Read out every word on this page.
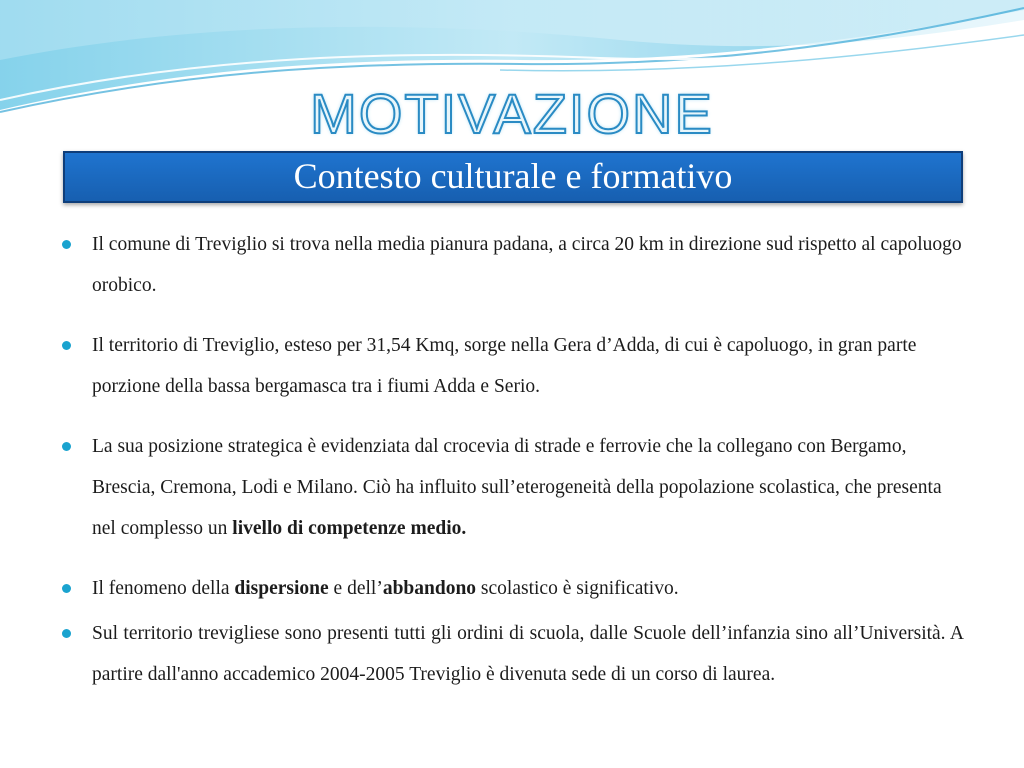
MOTIVAZIONE
Contesto culturale e formativo
Il comune di Treviglio si trova nella media pianura padana, a circa 20 km in direzione sud rispetto al capoluogo orobico.
Il territorio di Treviglio, esteso per 31,54 Kmq, sorge nella Gera d’Adda, di cui è capoluogo, in gran parte porzione della bassa bergamasca tra i fiumi Adda e Serio.
La sua posizione strategica è evidenziata dal crocevia di strade e ferrovie che la collegano con Bergamo, Brescia, Cremona, Lodi e Milano. Ciò ha influito sull’eterogeneità della popolazione scolastica, che presenta nel complesso un livello di competenze medio.
Il fenomeno della dispersione e dell’abbandono scolastico è significativo.
Sul territorio trevigliese sono presenti tutti gli ordini di scuola, dalle Scuole dell’infanzia sino all’Università. A partire dall'anno accademico 2004-2005 Treviglio è divenuta sede di un corso di laurea.
